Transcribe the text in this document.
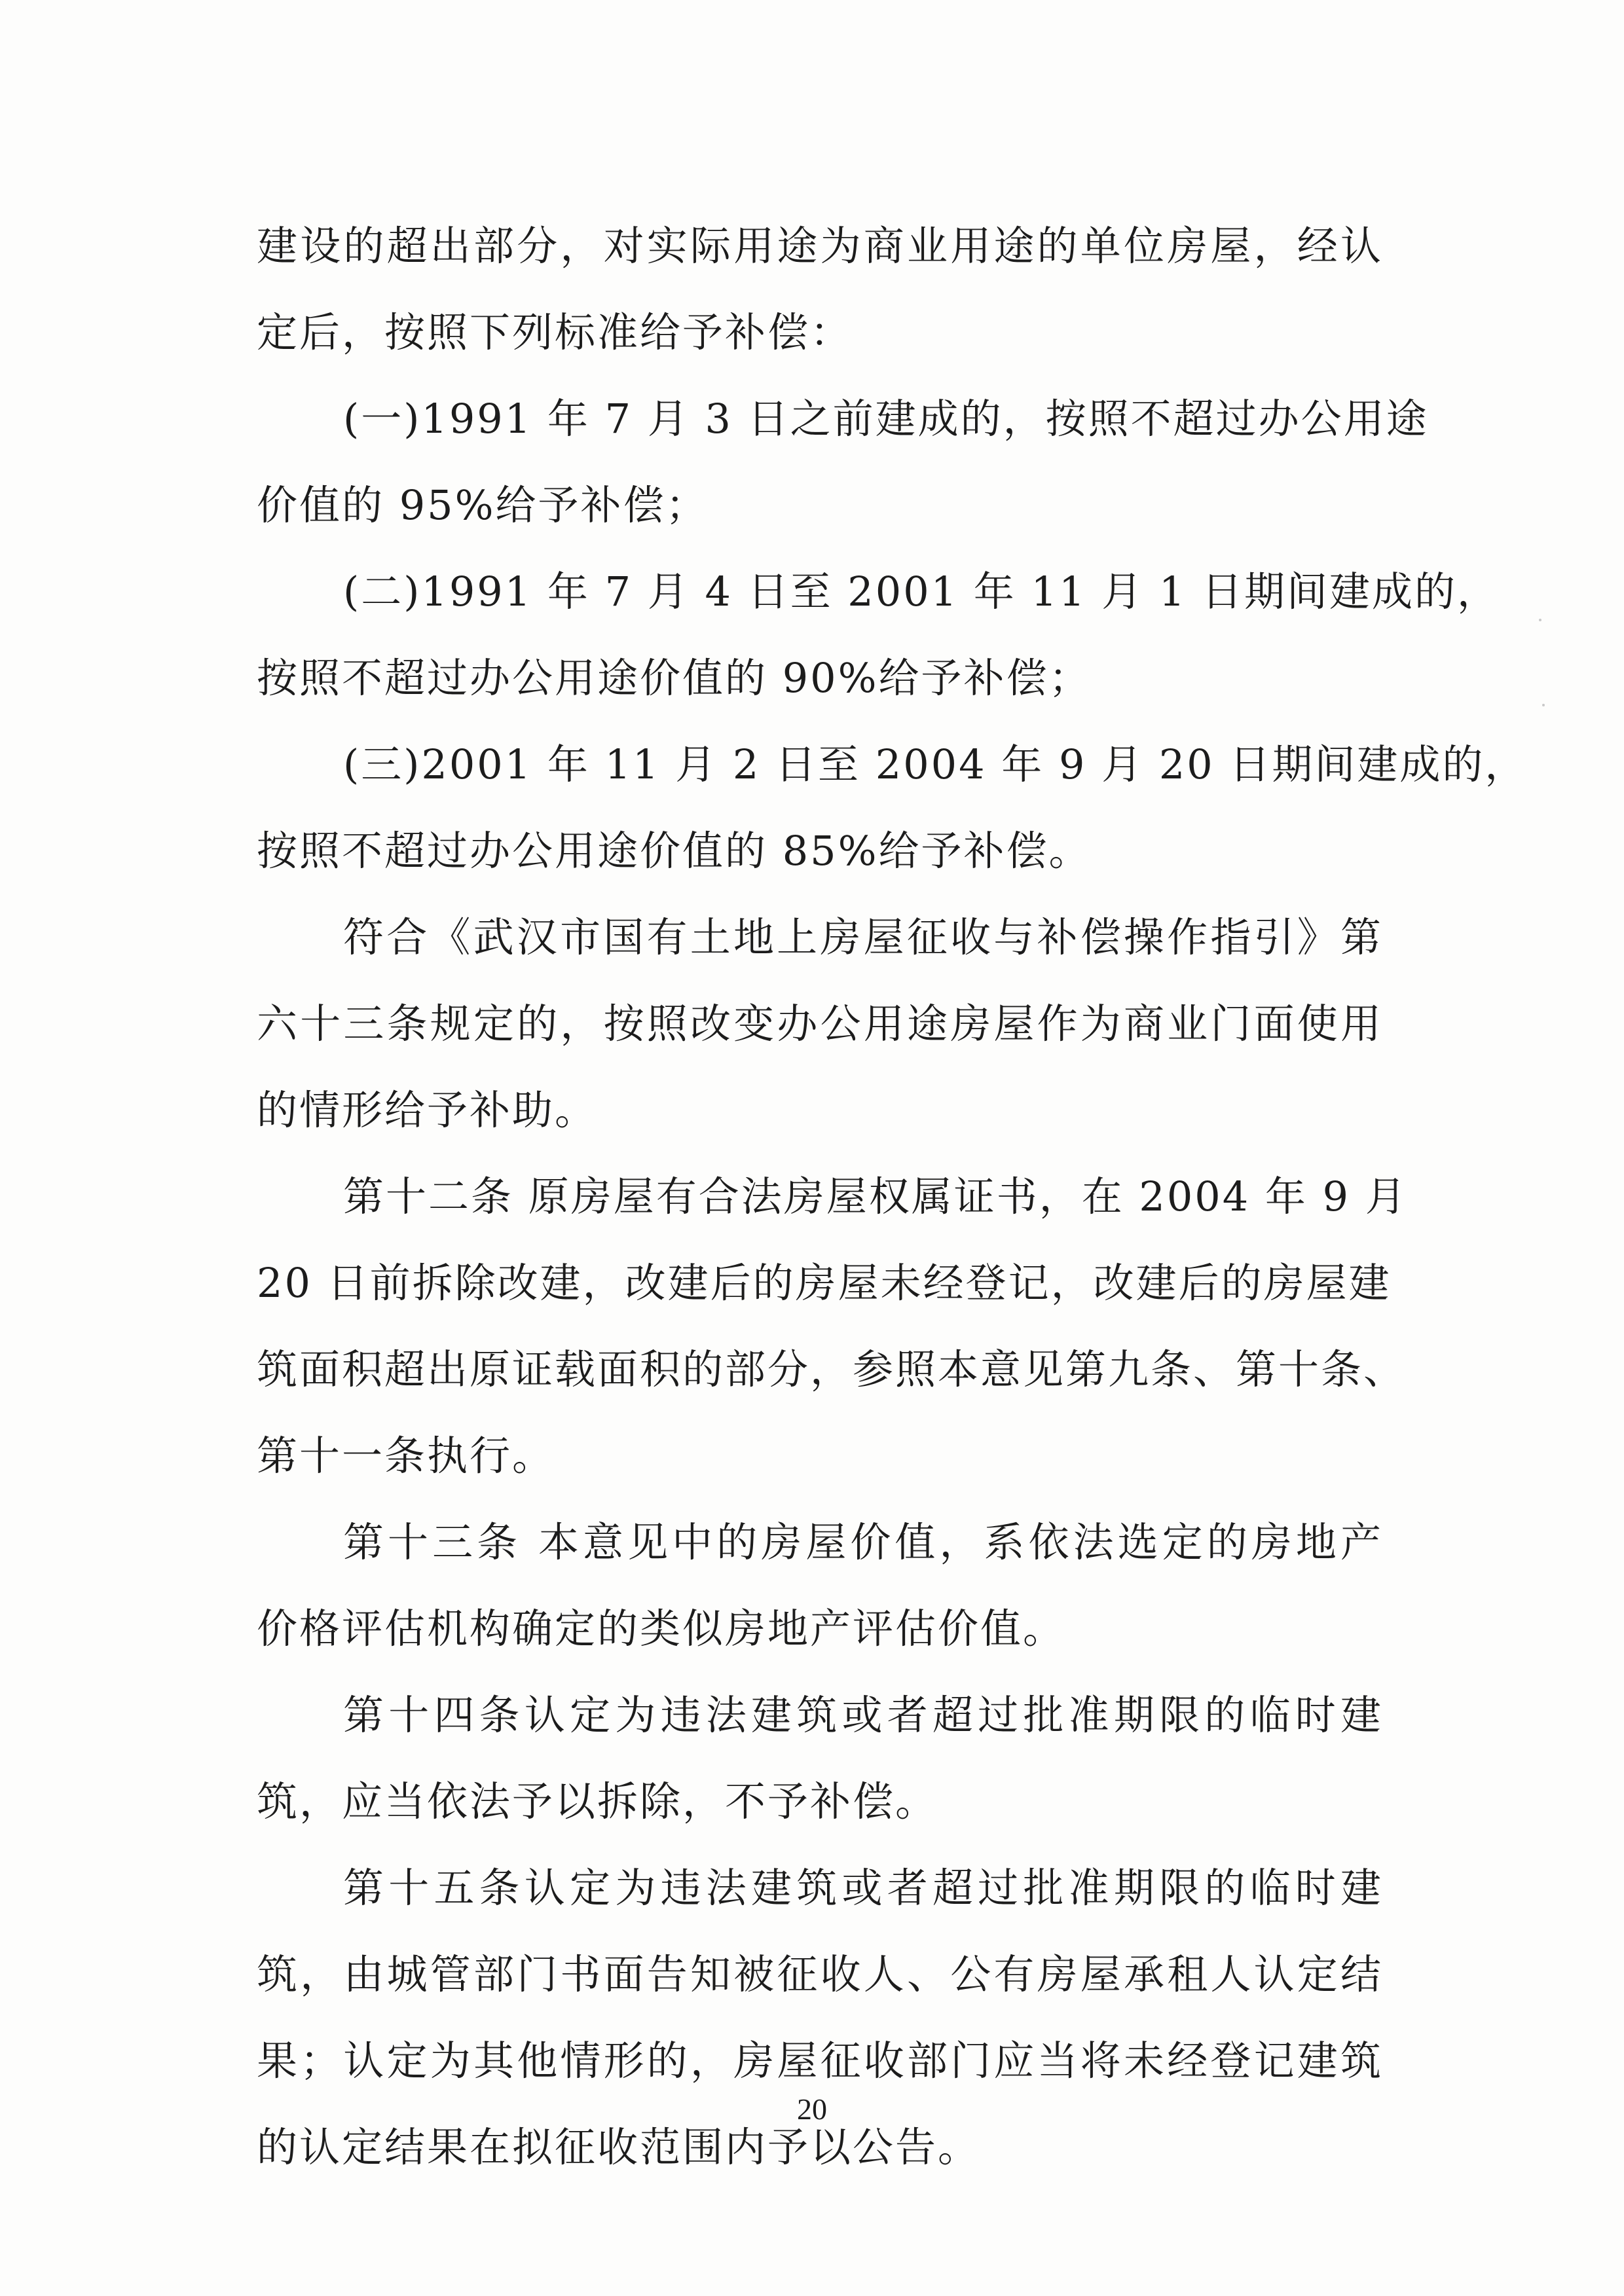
建设的超出部分，对实际用途为商业用途的单位房屋，经认
定后，按照下列标准给予补偿：
(一)1991 年 7 月 3 日之前建成的，按照不超过办公用途
价值的 95%给予补偿；
(二)1991 年 7 月 4 日至 2001 年 11 月 1 日期间建成的，
按照不超过办公用途价值的 90%给予补偿；
(三)2001 年 11 月 2 日至 2004 年 9 月 20 日期间建成的，
按照不超过办公用途价值的 85%给予补偿。
符合《武汉市国有土地上房屋征收与补偿操作指引》第
六十三条规定的，按照改变办公用途房屋作为商业门面使用
的情形给予补助。
第十二条 原房屋有合法房屋权属证书，在 2004 年 9 月
20 日前拆除改建，改建后的房屋未经登记，改建后的房屋建
筑面积超出原证载面积的部分，参照本意见第九条、第十条、
第十一条执行。
第十三条 本意见中的房屋价值，系依法选定的房地产
价格评估机构确定的类似房地产评估价值。
第十四条认定为违法建筑或者超过批准期限的临时建
筑，应当依法予以拆除，不予补偿。
第十五条认定为违法建筑或者超过批准期限的临时建
筑，由城管部门书面告知被征收人、公有房屋承租人认定结
果；认定为其他情形的，房屋征收部门应当将未经登记建筑
的认定结果在拟征收范围内予以公告。
20
